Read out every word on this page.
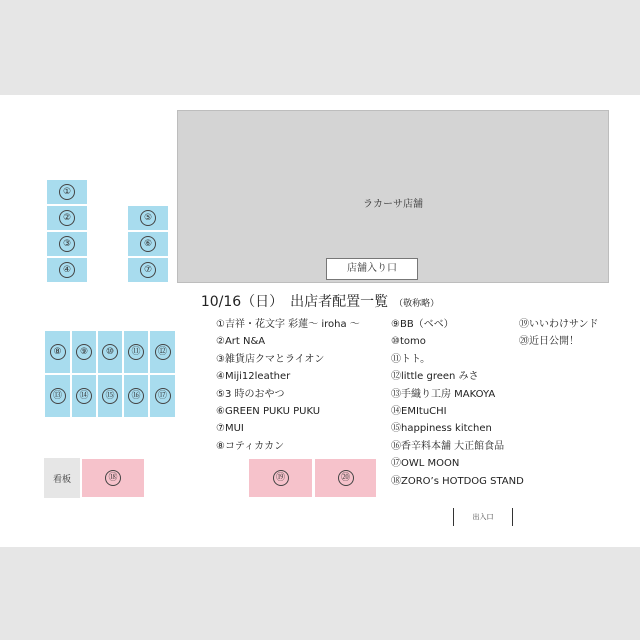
ラカーサ店舗
店舗入り口
①
②
③
④
⑤
⑥
⑦
⑧	⑨	⑩	⑪	⑫
⑬	⑭	⑮	⑯	⑰
看板	⑱	⑲	⑳
10/16（日）　出店者配置一覧 （敬称略）
①吉祥・花文字 彩蓮～ iroha ～
②Art N&A
③雑貨店クマとライオン
④Miji12leather
⑤3 時のおやつ
⑥GREEN PUKU PUKU
⑦MUI
⑧コティカカン
⑨BB（ベベ）
⑩tomo
⑪トト。
⑫little green みさ
⑬手織り工房 MAKOYA
⑭EMItuCHI
⑮happiness kitchen
⑯香辛料本舗 大正館食品
⑰OWL MOON
⑱ZORO’s HOTDOG STAND
⑲いいわけサンド
⑳近日公開！
出入口
